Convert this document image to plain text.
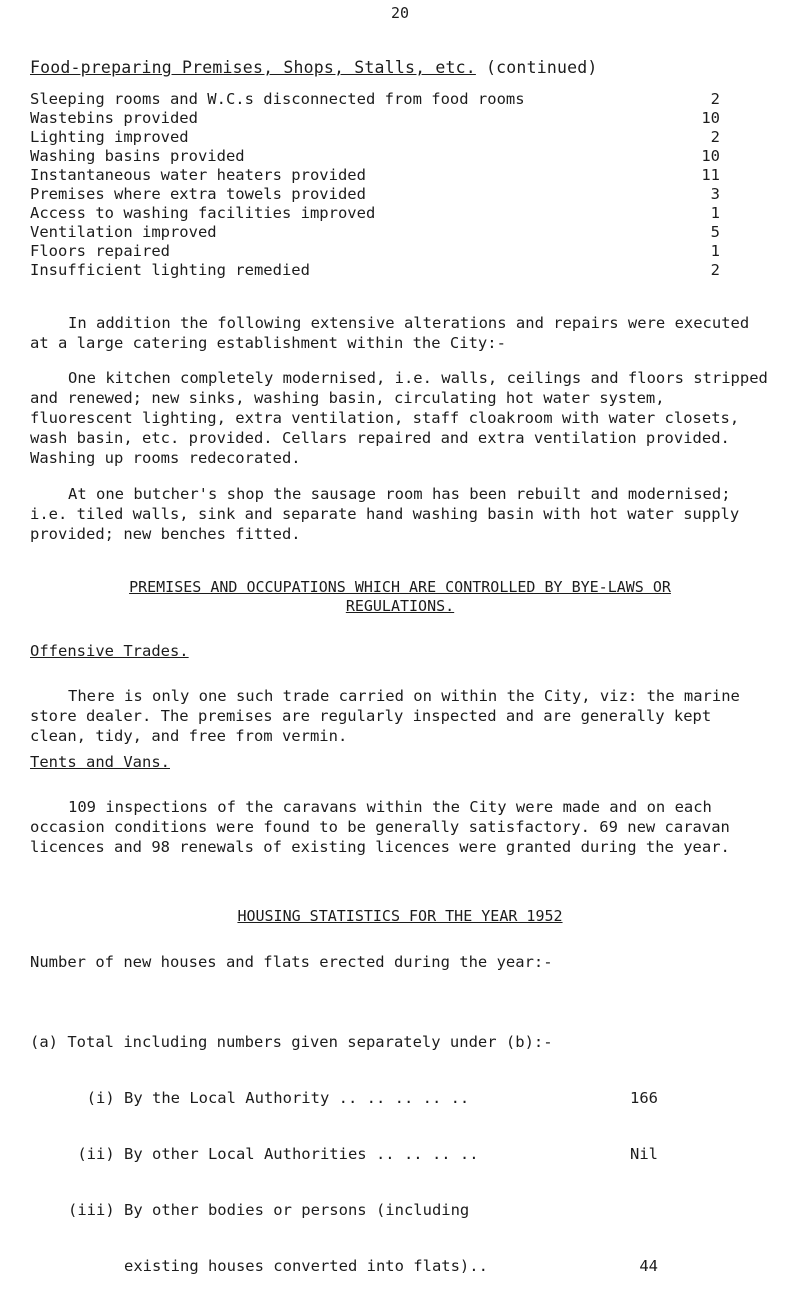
20
Food-preparing Premises, Shops, Stalls, etc. (continued)
Sleeping rooms and W.C.s disconnected from food rooms	2
Wastebins provided	10
Lighting improved	2
Washing basins provided	10
Instantaneous water heaters provided	11
Premises where extra towels provided	3
Access to washing facilities improved	1
Ventilation improved	5
Floors repaired	1
Insufficient lighting remedied	2
In addition the following extensive alterations and repairs were executed at a large catering establishment within the City:-
One kitchen completely modernised, i.e. walls, ceilings and floors stripped and renewed; new sinks, washing basin, circulating hot water system, fluorescent lighting, extra ventilation, staff cloakroom with water closets, wash basin, etc. provided. Cellars repaired and extra ventilation provided. Washing up rooms redecorated.
At one butcher's shop the sausage room has been rebuilt and modernised; i.e. tiled walls, sink and separate hand washing basin with hot water supply provided; new benches fitted.
PREMISES AND OCCUPATIONS WHICH ARE CONTROLLED BY BYE-LAWS OR
REGULATIONS.
Offensive Trades.
There is only one such trade carried on within the City, viz: the marine store dealer. The premises are regularly inspected and are generally kept clean, tidy, and free from vermin.
Tents and Vans.
109 inspections of the caravans within the City were made and on each occasion conditions were found to be generally satisfactory. 69 new caravan licences and 98 renewals of existing licences were granted during the year.
HOUSING STATISTICS FOR THE YEAR 1952
Number of new houses and flats erected during the year:-

(a) Total including numbers given separately under (b):-

(i) By the Local Authority .. .. .. .. ..	166

(ii) By other Local Authorities .. .. .. ..	Nil

(iii) By other bodies or persons (including

existing houses converted into flats)..	44
